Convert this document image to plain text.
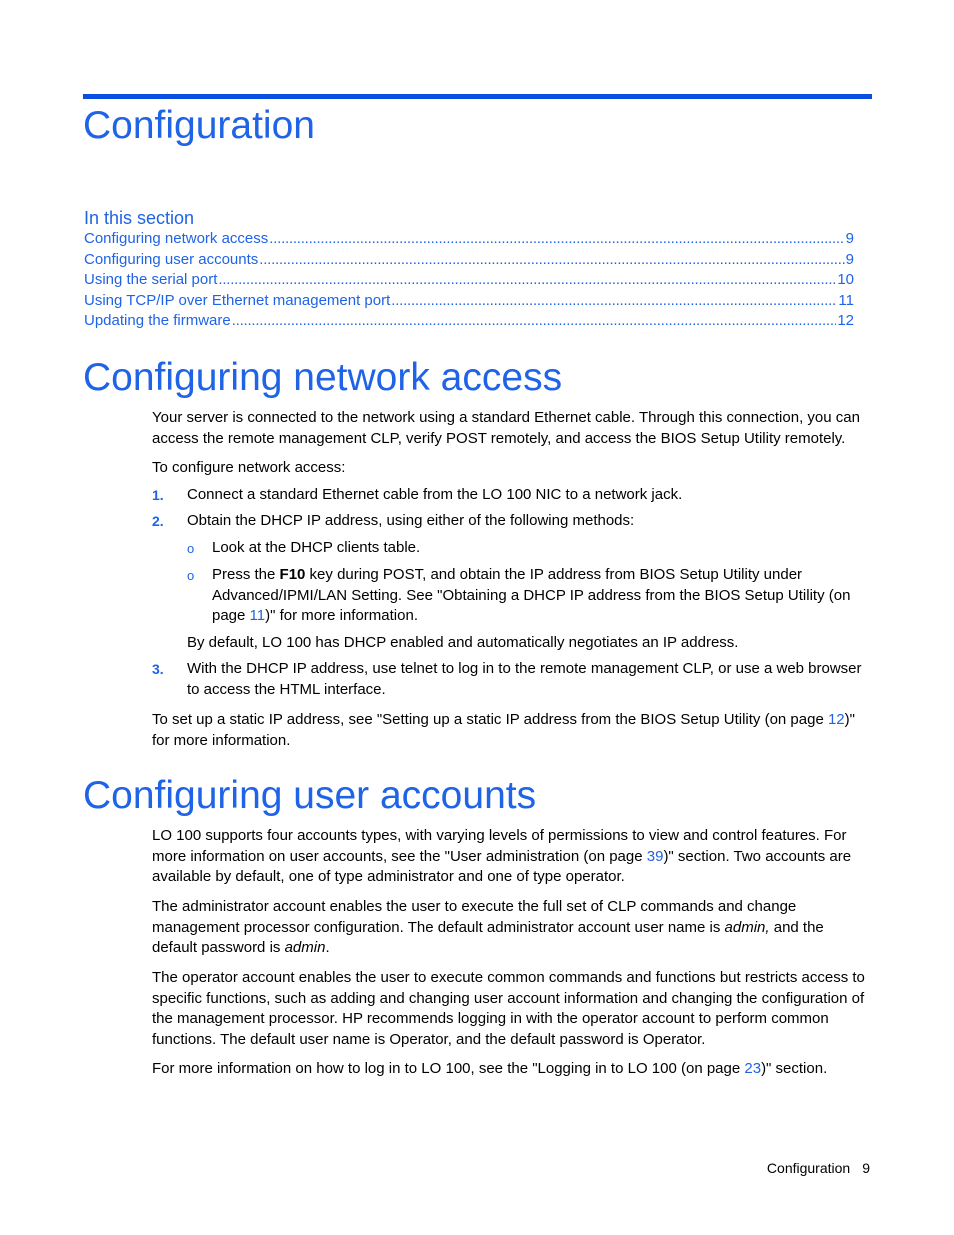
Configuration
In this section
Configuring network access . . .	9
Configuring user accounts . . .	9
Using the serial port . . .	10
Using TCP/IP over Ethernet management port . . .	11
Updating the firmware . . .	12
Configuring network access
Your server is connected to the network using a standard Ethernet cable. Through this connection, you can access the remote management CLP, verify POST remotely, and access the BIOS Setup Utility remotely.
To configure network access:
1. Connect a standard Ethernet cable from the LO 100 NIC to a network jack.
2. Obtain the DHCP IP address, using either of the following methods:
o Look at the DHCP clients table.
o Press the F10 key during POST, and obtain the IP address from BIOS Setup Utility under Advanced/IPMI/LAN Setting. See "Obtaining a DHCP IP address from the BIOS Setup Utility (on page 11)" for more information.
By default, LO 100 has DHCP enabled and automatically negotiates an IP address.
3. With the DHCP IP address, use telnet to log in to the remote management CLP, or use a web browser to access the HTML interface.
To set up a static IP address, see "Setting up a static IP address from the BIOS Setup Utility (on page 12)" for more information.
Configuring user accounts
LO 100 supports four accounts types, with varying levels of permissions to view and control features. For more information on user accounts, see the "User administration (on page 39)" section. Two accounts are available by default, one of type administrator and one of type operator.
The administrator account enables the user to execute the full set of CLP commands and change management processor configuration. The default administrator account user name is admin, and the default password is admin.
The operator account enables the user to execute common commands and functions but restricts access to specific functions, such as adding and changing user account information and changing the configuration of the management processor. HP recommends logging in with the operator account to perform common functions. The default user name is Operator, and the default password is Operator.
For more information on how to log in to LO 100, see the "Logging in to LO 100 (on page 23)" section.
Configuration 9
